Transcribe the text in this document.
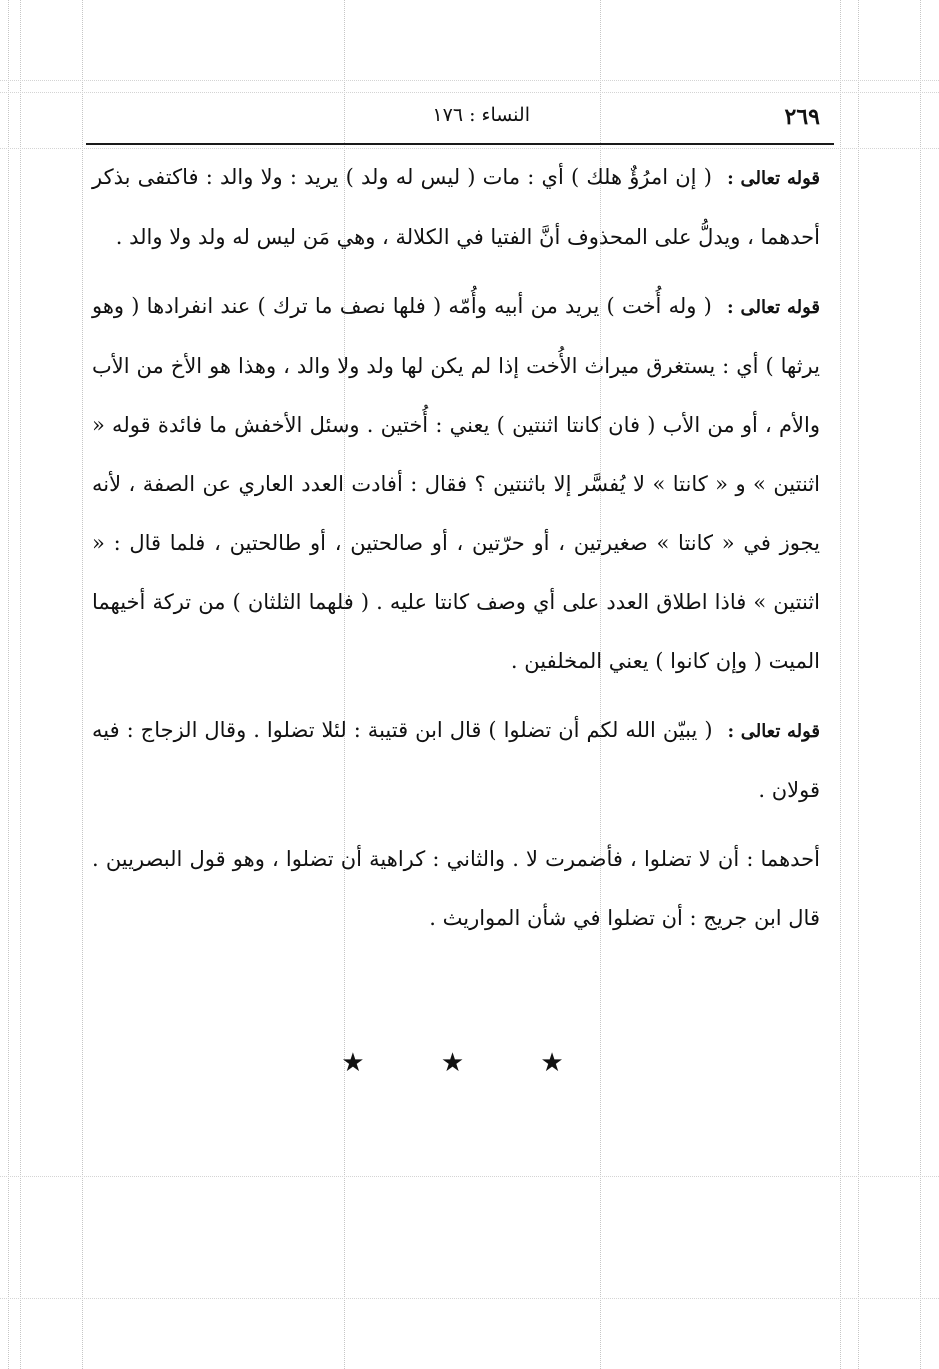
٢٦٩
النساء : ١٧٦

قوله تعالى : ( إن امرُؤٌ هلك ) أي : مات ( ليس له ولد ) يريد : ولا والد : فاكتفى بذكر أحدهما ، ويدلُّ على المحذوف أنَّ الفتيا في الكلالة ، وهي مَن ليس له ولد ولا والد .

قوله تعالى : ( وله أُخت ) يريد من أبيه وأُمّه ( فلها نصف ما ترك ) عند انفرادها ( وهو يرثها ) أي : يستغرق ميراث الأُخت إذا لم يكن لها ولد ولا والد ، وهذا هو الأخ من الأب والأم ، أو من الأب ( فان كانتا اثنتين ) يعني : أُختين . وسئل الأخفش ما فائدة قوله « اثنتين » و « كانتا » لا يُفسَّر إلا باثنتين ؟ فقال : أفادت العدد العاري عن الصفة ، لأنه يجوز في « كانتا » صغيرتين ، أو حرّتين ، أو صالحتين ، أو طالحتين ، فلما قال : « اثنتين » فاذا اطلاق العدد على أي وصف كانتا عليه . ( فلهما الثلثان ) من تركة أخيهما الميت ( وإن كانوا ) يعني المخلفين .

قوله تعالى : ( يبيّن الله لكم أن تضلوا ) قال ابن قتيبة : لئلا تضلوا . وقال الزجاج : فيه قولان .

أحدهما : أن لا تضلوا ، فأضمرت لا . والثاني : كراهية أن تضلوا ، وهو قول البصريين . قال ابن جريج : أن تضلوا في شأن المواريث .

★ ★ ★
